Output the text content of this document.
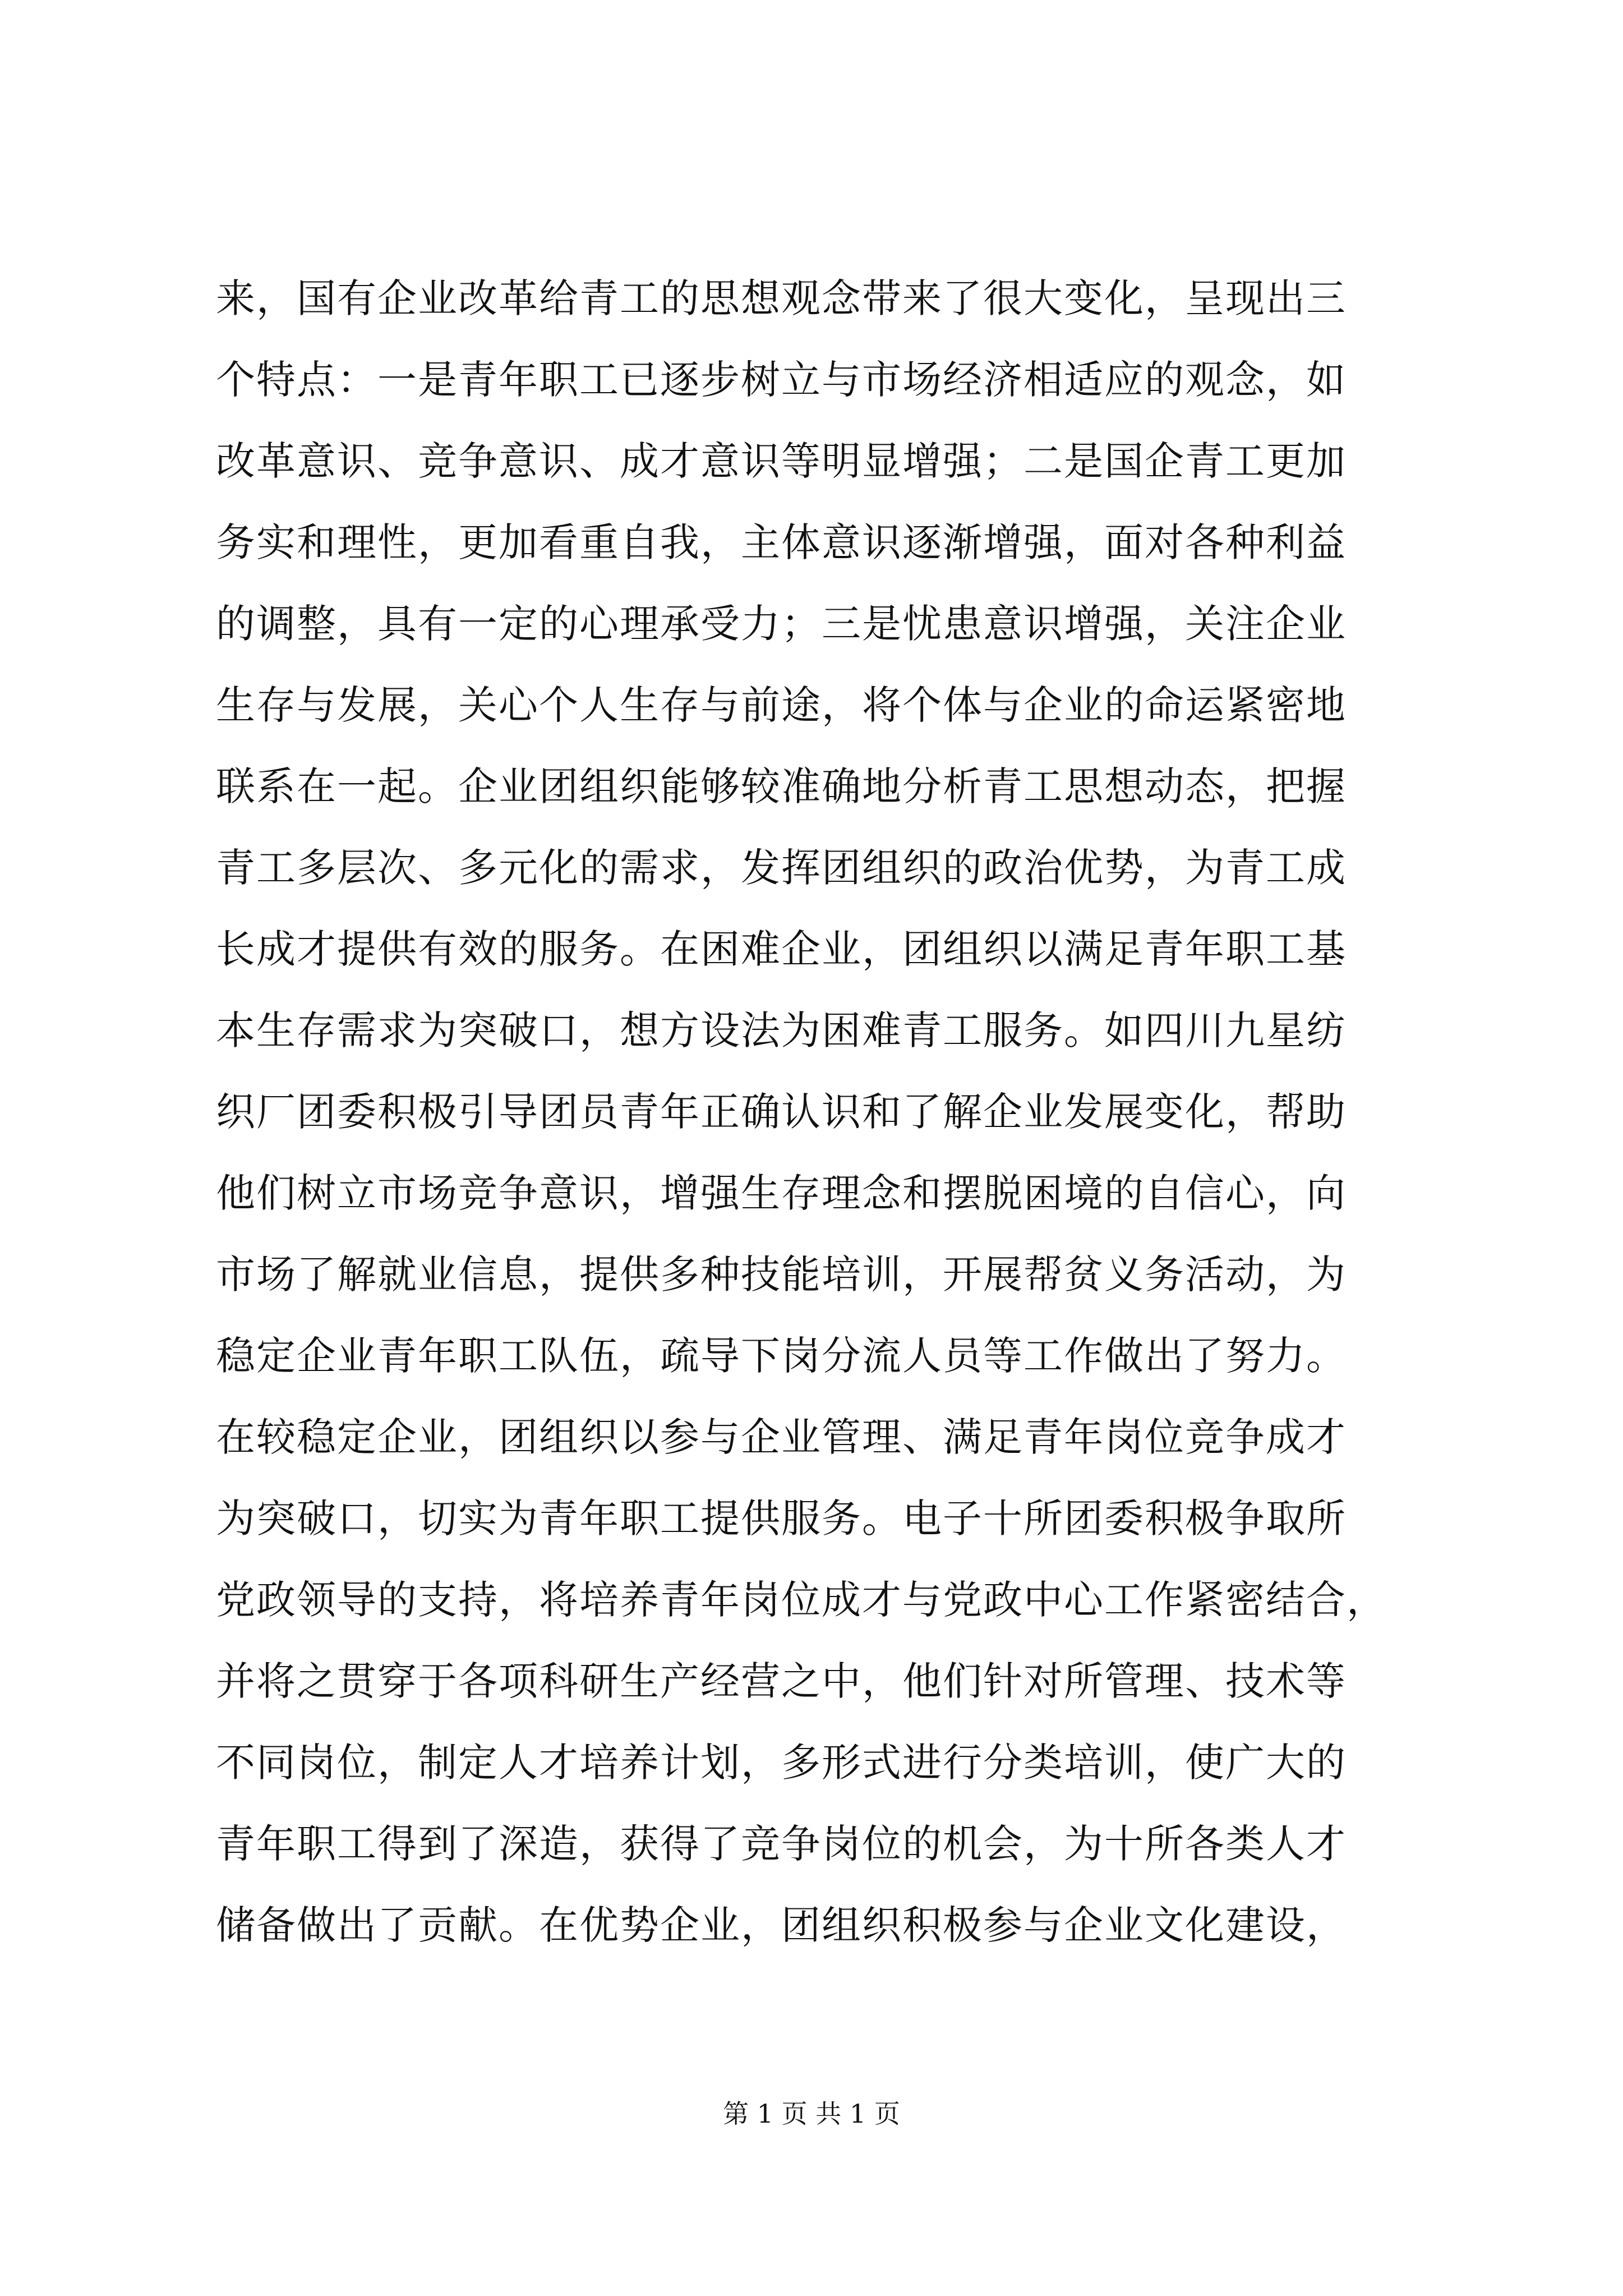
来，国有企业改革给青工的思想观念带来了很大变化，呈现出三
个特点：一是青年职工已逐步树立与市场经济相适应的观念，如
改革意识、竞争意识、成才意识等明显增强；二是国企青工更加
务实和理性，更加看重自我，主体意识逐渐增强，面对各种利益
的调整，具有一定的心理承受力；三是忧患意识增强，关注企业
生存与发展，关心个人生存与前途，将个体与企业的命运紧密地
联系在一起。企业团组织能够较准确地分析青工思想动态，把握
青工多层次、多元化的需求，发挥团组织的政治优势，为青工成
长成才提供有效的服务。在困难企业，团组织以满足青年职工基
本生存需求为突破口，想方设法为困难青工服务。如四川九星纺
织厂团委积极引导团员青年正确认识和了解企业发展变化，帮助
他们树立市场竞争意识，增强生存理念和摆脱困境的自信心，向
市场了解就业信息，提供多种技能培训，开展帮贫义务活动，为
稳定企业青年职工队伍，疏导下岗分流人员等工作做出了努力。
在较稳定企业，团组织以参与企业管理、满足青年岗位竞争成才
为突破口，切实为青年职工提供服务。电子十所团委积极争取所
党政领导的支持，将培养青年岗位成才与党政中心工作紧密结合，
并将之贯穿于各项科研生产经营之中，他们针对所管理、技术等
不同岗位，制定人才培养计划，多形式进行分类培训，使广大的
青年职工得到了深造，获得了竞争岗位的机会，为十所各类人才
储备做出了贡献。在优势企业，团组织积极参与企业文化建设，
第 1 页 共 1 页
